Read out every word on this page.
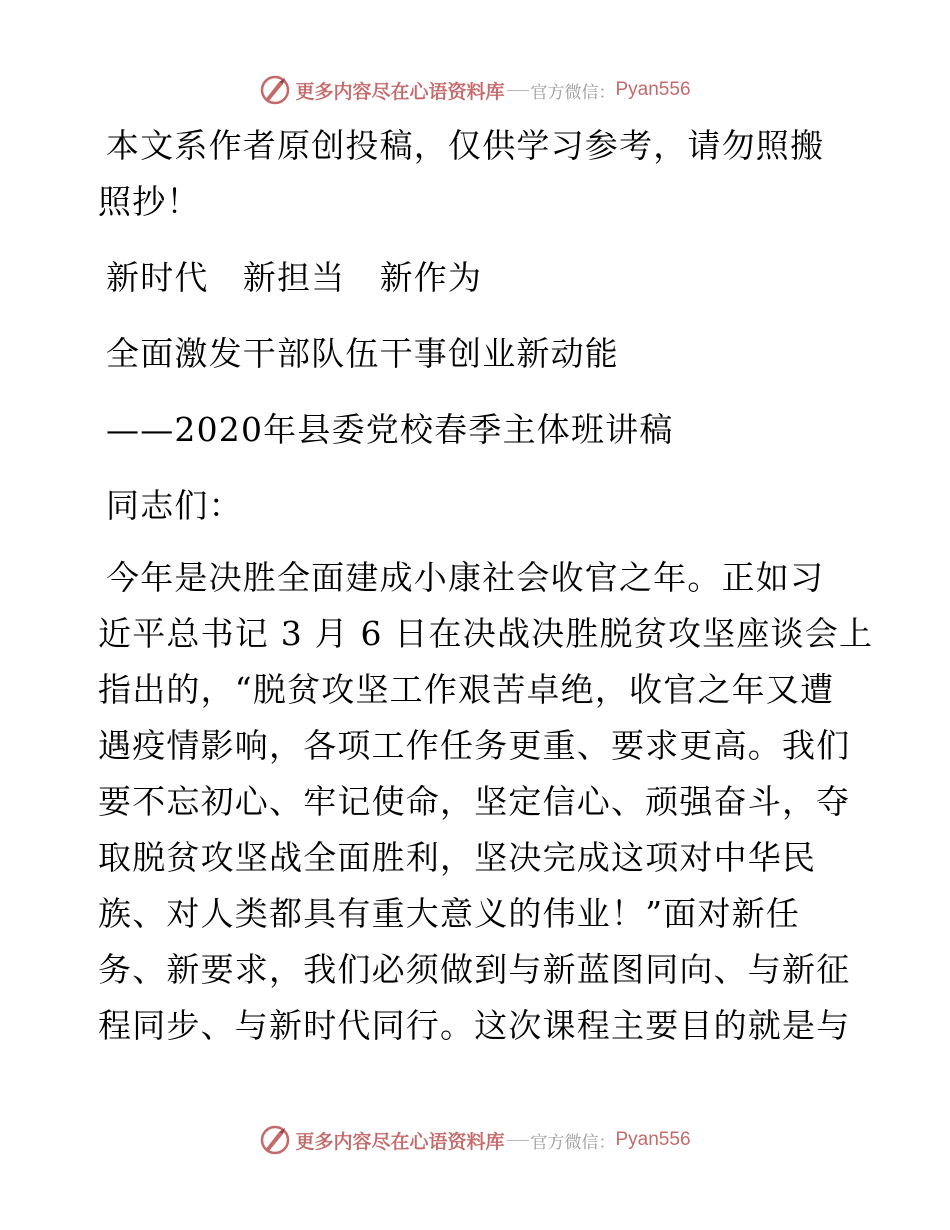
更多内容尽在心语资料库 官方微信： Pyan556
本文系作者原创投稿，仅供学习参考，请勿照搬
照抄！
新时代　新担当　新作为
全面激发干部队伍干事创业新动能
——2020年县委党校春季主体班讲稿
同志们：
今年是决胜全面建成小康社会收官之年。正如习
近平总书记 3 月 6 日在决战决胜脱贫攻坚座谈会上
指出的，“脱贫攻坚工作艰苦卓绝，收官之年又遭
遇疫情影响，各项工作任务更重、要求更高。我们
要不忘初心、牢记使命，坚定信心、顽强奋斗，夺
取脱贫攻坚战全面胜利，坚决完成这项对中华民
族、对人类都具有重大意义的伟业！”面对新任
务、新要求，我们必须做到与新蓝图同向、与新征
程同步、与新时代同行。这次课程主要目的就是与
更多内容尽在心语资料库 官方微信： Pyan556
